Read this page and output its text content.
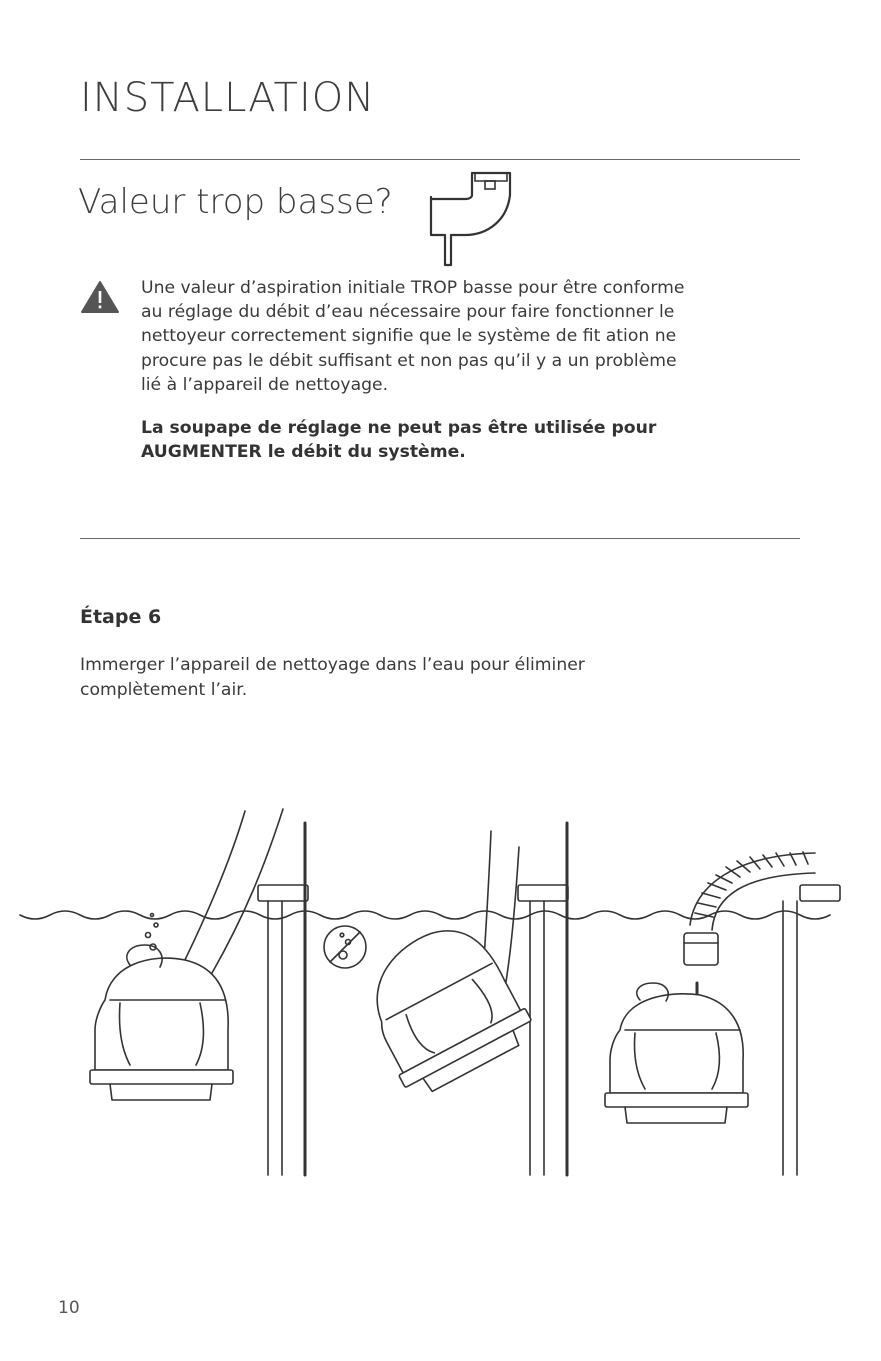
INSTALLATION
Valeur trop basse?

Une valeur d’aspiration initiale TROP basse pour être conforme
au réglage du débit d’eau nécessaire pour faire fonctionner le
nettoyeur correctement signifie que le système de fit ation ne
procure pas le débit suffisant et non pas qu’il y a un problème
lié à l’appareil de nettoyage.

La soupape de réglage ne peut pas être utilisée pour
AUGMENTER le débit du système.

Étape 6

Immerger l’appareil de nettoyage dans l’eau pour éliminer
complètement l’air.

10
